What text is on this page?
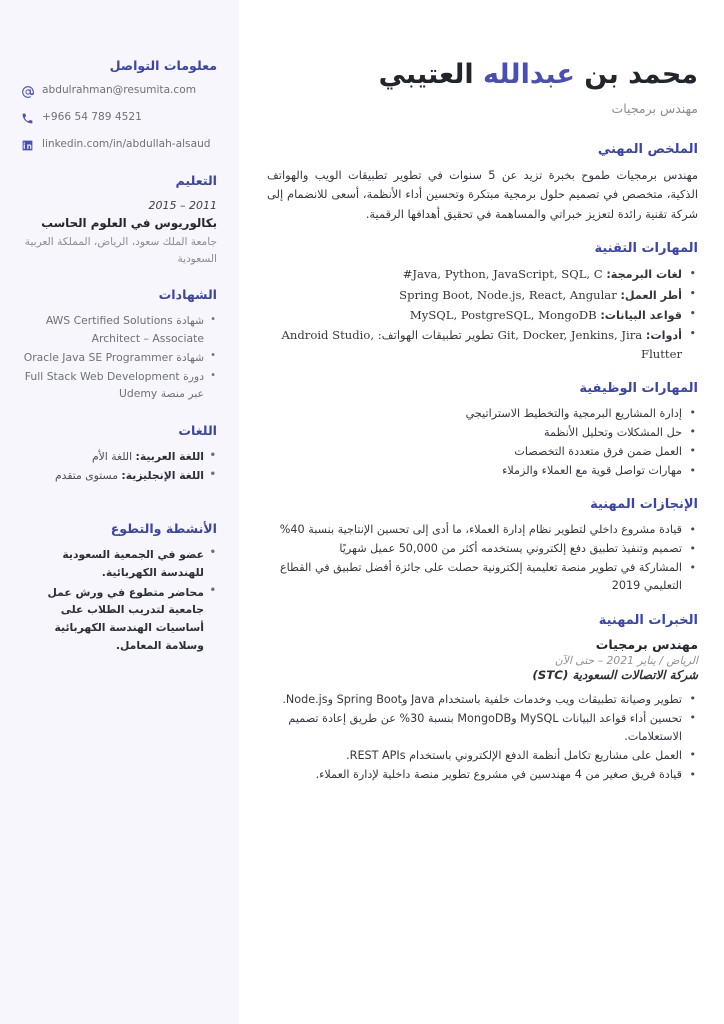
محمد بن عبدالله العتيبي
مهندس برمجيات
الملخص المهني
مهندس برمجيات طموح بخبرة تزيد عن 5 سنوات في تطوير تطبيقات الويب والهواتف الذكية، متخصص في تصميم حلول برمجية مبتكرة وتحسين أداء الأنظمة، أسعى للانضمام إلى شركة تقنية رائدة لتعزيز خبراتي والمساهمة في تحقيق أهدافها الرقمية.
المهارات التقنية
• لغات البرمجة: Java, Python, JavaScript, SQL, C#
• أطر العمل: Spring Boot, Node.js, React, Angular
• قواعد البيانات: MySQL, PostgreSQL, MongoDB
• أدوات: Git, Docker, Jenkins, Jira تطوير تطبيقات الهواتف: Android Studio, Flutter
المهارات الوظيفية
• إدارة المشاريع البرمجية والتخطيط الاستراتيجي
• حل المشكلات وتحليل الأنظمة
• العمل ضمن فرق متعددة التخصصات
• مهارات تواصل قوية مع العملاء والزملاء
الإنجازات المهنية
• قيادة مشروع داخلي لتطوير نظام إدارة العملاء، ما أدى إلى تحسين الإنتاجية بنسبة 40%
• تصميم وتنفيذ تطبيق دفع إلكتروني يستخدمه أكثر من 50,000 عميل شهريًا
• المشاركة في تطوير منصة تعليمية إلكترونية حصلت على جائزة أفضل تطبيق في القطاع التعليمي 2019
الخبرات المهنية
مهندس برمجيات
الرياض / يناير 2021 – حتى الآن
شركة الاتصالات السعودية (STC)
• تطوير وصيانة تطبيقات ويب وخدمات خلفية باستخدام Java وSpring Boot وNode.js.
• تحسين أداء قواعد البيانات MySQL وMongoDB بنسبة 30% عن طريق إعادة تصميم الاستعلامات.
• العمل على مشاريع تكامل أنظمة الدفع الإلكتروني باستخدام REST APIs.
• قيادة فريق صغير من 4 مهندسين في مشروع تطوير منصة داخلية لإدارة العملاء.
معلومات التواصل
abdulrahman@resumita.com
+966 54 789 4521
linkedin.com/in/abdullah-alsaud
التعليم
2011 – 2015
بكالوريوس في العلوم الحاسب
جامعة الملك سعود، الرياض، المملكة العربية السعودية
الشهادات
• شهادة AWS Certified Solutions Architect – Associate
• شهادة Oracle Java SE Programmer
• دورة Full Stack Web Development عبر منصة Udemy
اللغات
• اللغة العربية: اللغة الأم
• اللغة الإنجليزية: مستوى متقدم
الأنشطة والتطوع
• عضو في الجمعية السعودية للهندسة الكهربائية.
• محاضر متطوع في ورش عمل جامعية لتدريب الطلاب على أساسيات الهندسة الكهربائية وسلامة المعامل.
